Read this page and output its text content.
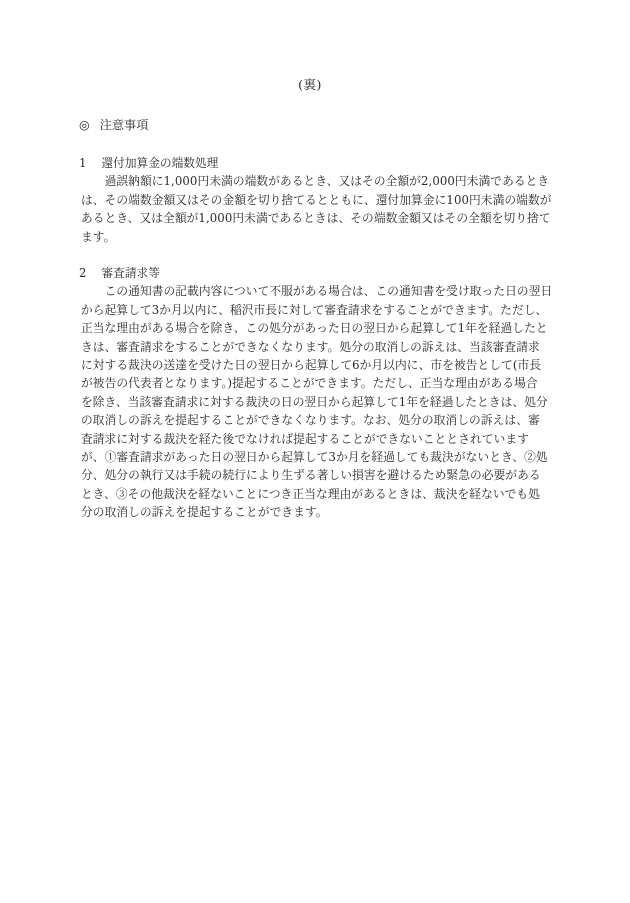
(裏)
◎ 注意事項
1 還付加算金の端数処理
　　過誤納額に1,000円未満の端数があるとき、又はその全額が2,000円未満であるとき
は、その端数金額又はその金額を切り捨てるとともに、還付加算金に100円未満の端数が
あるとき、又は全額が1,000円未満であるときは、その端数金額又はその全額を切り捨て
ます。
2 審査請求等
　　この通知書の記載内容について不服がある場合は、この通知書を受け取った日の翌日
から起算して3か月以内に、稲沢市長に対して審査請求をすることができます。ただし、
正当な理由がある場合を除き、この処分があった日の翌日から起算して1年を経過したと
きは、審査請求をすることができなくなります。処分の取消しの訴えは、当該審査請求
に対する裁決の送達を受けた日の翌日から起算して6か月以内に、市を被告として(市長
が被告の代表者となります。)提起することができます。ただし、正当な理由がある場合
を除き、当該審査請求に対する裁決の日の翌日から起算して1年を経過したときは、処分
の取消しの訴えを提起することができなくなります。なお、処分の取消しの訴えは、審
査請求に対する裁決を経た後でなければ提起することができないこととされています
が、①審査請求があった日の翌日から起算して3か月を経過しても裁決がないとき、②処
分、処分の執行又は手続の続行により生ずる著しい損害を避けるため緊急の必要がある
とき、③その他裁決を経ないことにつき正当な理由があるときは、裁決を経ないでも処
分の取消しの訴えを提起することができます。
